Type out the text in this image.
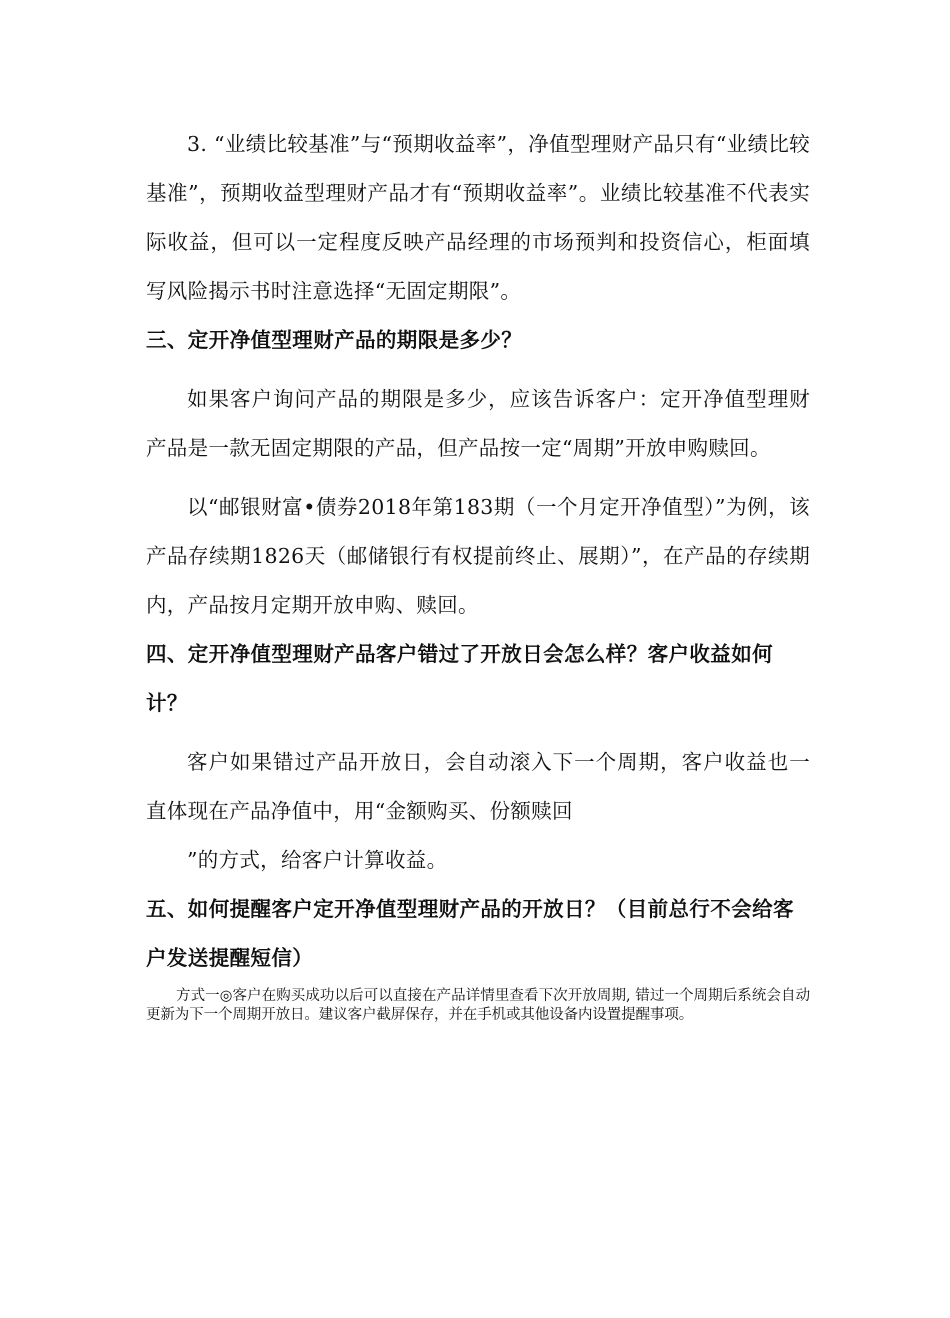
3. “业绩比较基准”与“预期收益率”，净值型理财产品只有“业绩比较基准”，预期收益型理财产品才有“预期收益率”。业绩比较基准不代表实际收益，但可以一定程度反映产品经理的市场预判和投资信心，柜面填写风险揭示书时注意选择“无固定期限”。

三、定开净值型理财产品的期限是多少？

如果客户询问产品的期限是多少，应该告诉客户：定开净值型理财产品是一款无固定期限的产品，但产品按一定“周期”开放申购赎回。

以“邮银财富•债券2018年第183期（一个月定开净值型）”为例，该产品存续期1826天（邮储银行有权提前终止、展期）”，在产品的存续期内，产品按月定期开放申购、赎回。

四、定开净值型理财产品客户错过了开放日会怎么样？客户收益如何计？

客户如果错过产品开放日，会自动滚入下一个周期，客户收益也一直体现在产品净值中，用“金额购买、份额赎回

”的方式，给客户计算收益。

五、如何提醒客户定开净值型理财产品的开放日？（目前总行不会给客户发送提醒短信）

方式一◎客户在购买成功以后可以直接在产品详情里查看下次开放周期, 错过一个周期后系统会自动更新为下一个周期开放日。建议客户截屏保存，并在手机或其他设备内设置提醒事项。
